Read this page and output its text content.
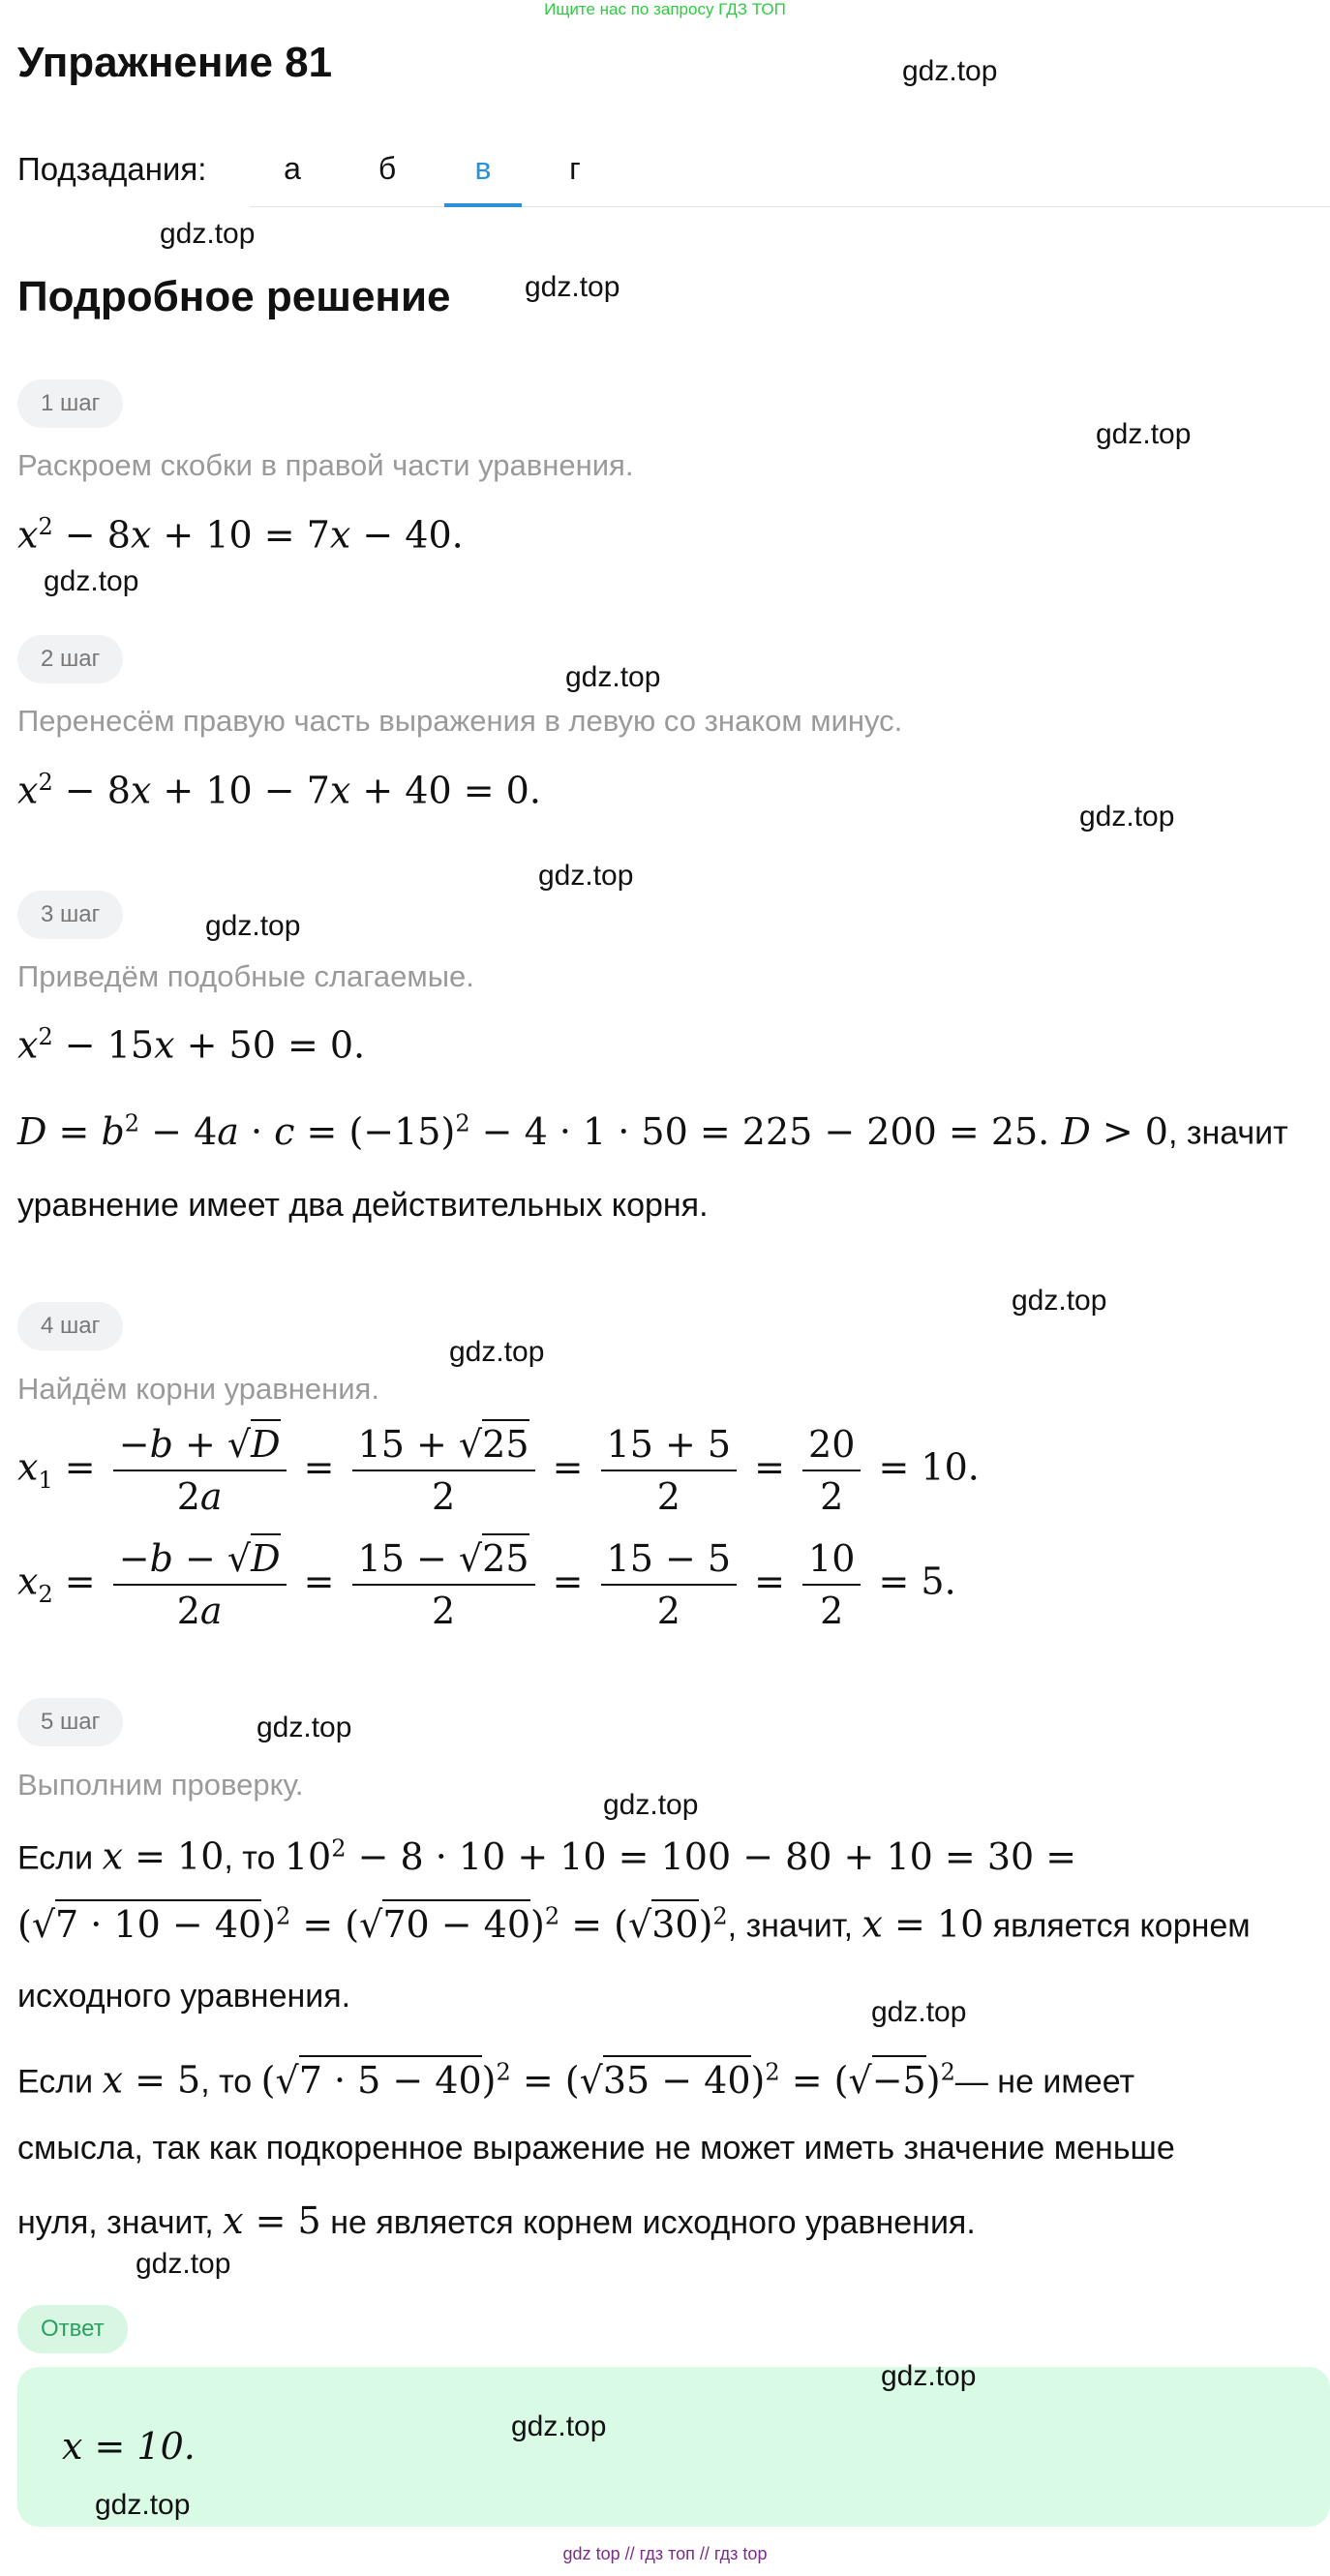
Ищите нас по запросу ГДЗ ТОП
Упражнение 81	gdz.top
Подзадания:	а	б	в	г
gdz.top
Подробное решение	gdz.top
1 шаг
gdz.top
Раскроем скобки в правой части уравнения.
$x^2 - 8x + 10 = 7x - 40$.
gdz.top
2 шаг
gdz.top
Перенесём правую часть выражения в левую со знаком минус.
$x^2 - 8x + 10 - 7x + 40 = 0$.
gdz.top
gdz.top
3 шаг	gdz.top
Приведём подобные слагаемые.
$x^2 - 15x + 50 = 0$.
$D = b^2 - 4a \cdot c = (-15)^2 - 4 \cdot 1 \cdot 50 = 225 - 200 = 25$. D > 0, значит
уравнение имеет два действительных корня.
gdz.top
4 шаг
gdz.top
Найдём корни уравнения.
$x_1 = \frac{-b + √D}{2a} = \frac{15 + √25}{2} = \frac{15 + 5}{2} = \frac{20}{2} = 10$.
$x_2 = \frac{-b - √D}{2a} = \frac{15 - √25}{2} = \frac{15 - 5}{2} = \frac{10}{2} = 5$.
5 шаг	gdz.top
Выполним проверку.
gdz.top
Если x = 10, то $10^2 - 8 \cdot 10 + 10 = 100 - 80 + 10 = 30$ =
$(√7 \cdot 10 - 40)^2 = (√70 - 40)^2 = (√30)^2$, значит, x = 10 является корнем
исходного уравнения.	gdz.top
Если x = 5, то $(√7 \cdot 5 - 40)^2 = (√35 - 40)^2$ = $(√-5)^2—$ не имеет
смысла, так как подкоренное выражение не может иметь значение меньше
нуля, значит, x = 5 не является корнем исходного уравнения.
gdz.top
Ответ
gdz.top
gdz.top
x = 10.
gdz.top
gdz top // гдз топ // гдз top
